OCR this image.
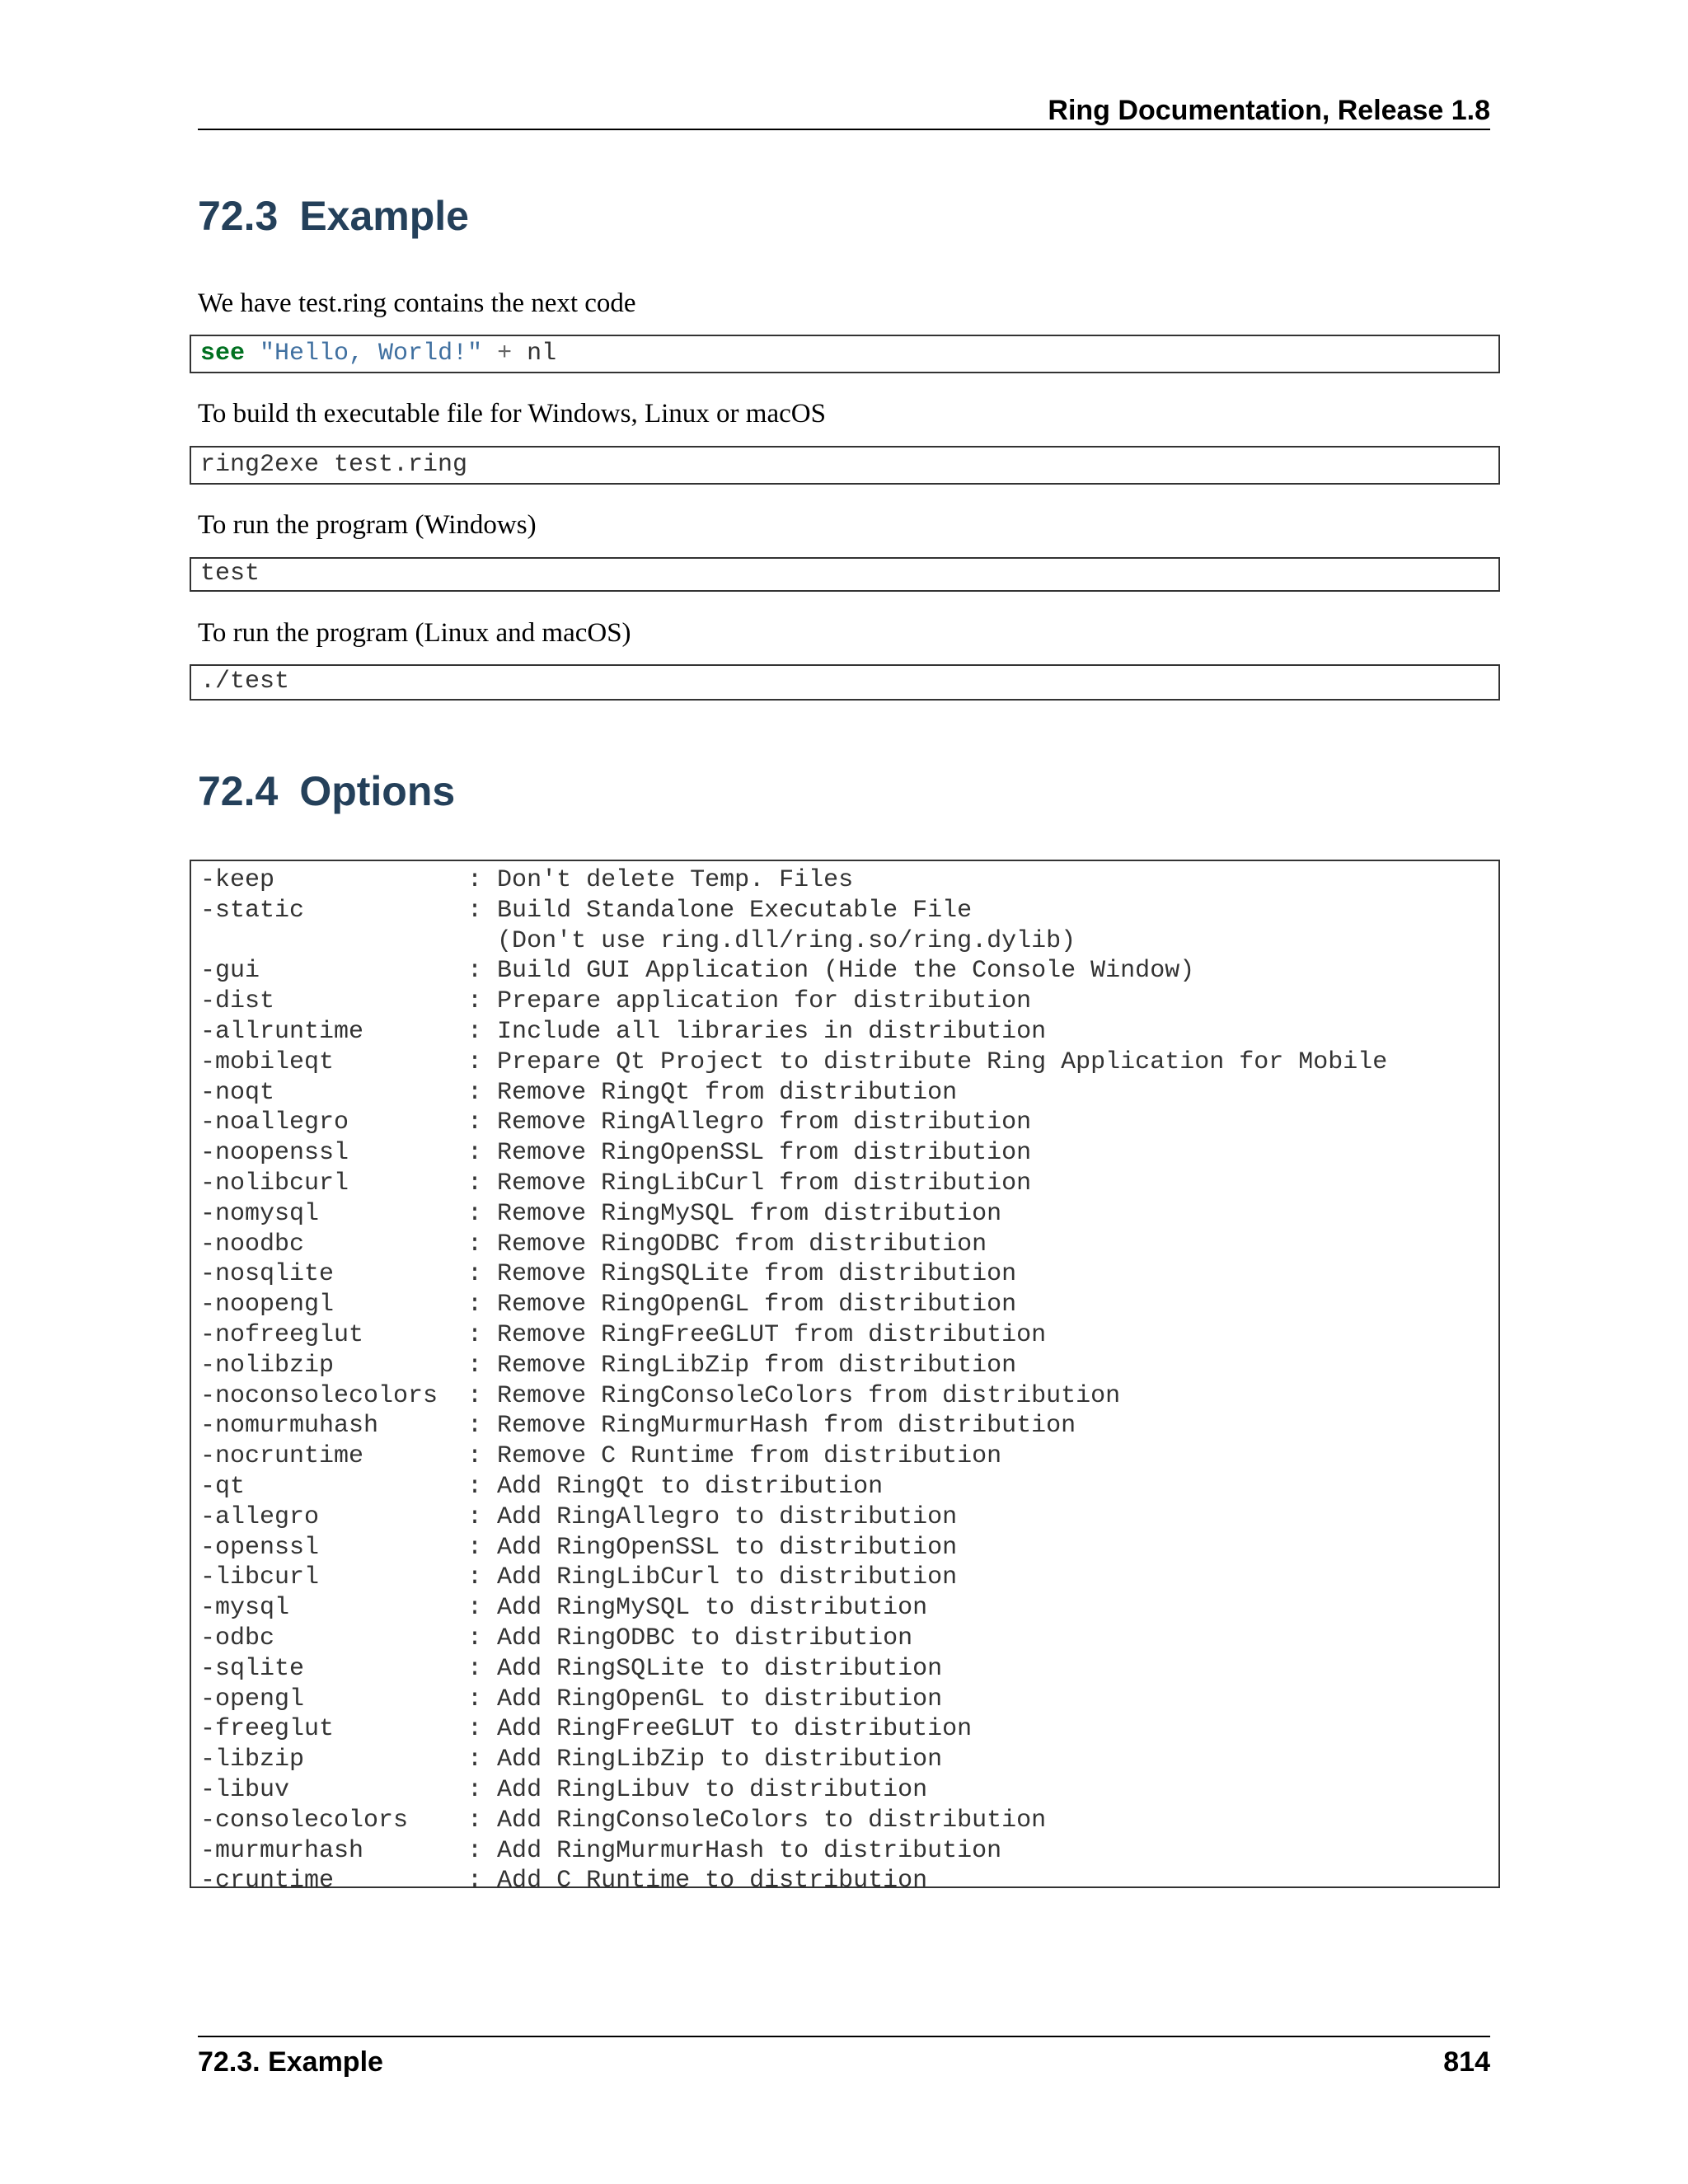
Ring Documentation, Release 1.8
72.3 Example

We have test.ring contains the next code

see "Hello, World!" + nl

To build th executable file for Windows, Linux or macOS

ring2exe test.ring

To run the program (Windows)

test

To run the program (Linux and macOS)

./test
72.4 Options
-keep             : Don't delete Temp. Files
-static           : Build Standalone Executable File
(Don't use ring.dll/ring.so/ring.dylib)
-gui              : Build GUI Application (Hide the Console Window)
-dist             : Prepare application for distribution
-allruntime       : Include all libraries in distribution
-mobileqt         : Prepare Qt Project to distribute Ring Application for Mobile
-noqt             : Remove RingQt from distribution
-noallegro        : Remove RingAllegro from distribution
-noopenssl        : Remove RingOpenSSL from distribution
-nolibcurl        : Remove RingLibCurl from distribution
-nomysql          : Remove RingMySQL from distribution
-noodbc           : Remove RingODBC from distribution
-nosqlite         : Remove RingSQLite from distribution
-noopengl         : Remove RingOpenGL from distribution
-nofreeglut       : Remove RingFreeGLUT from distribution
-nolibzip         : Remove RingLibZip from distribution
-noconsolecolors  : Remove RingConsoleColors from distribution
-nomurmuhash      : Remove RingMurmurHash from distribution
-nocruntime       : Remove C Runtime from distribution
-qt               : Add RingQt to distribution
-allegro          : Add RingAllegro to distribution
-openssl          : Add RingOpenSSL to distribution
-libcurl          : Add RingLibCurl to distribution
-mysql            : Add RingMySQL to distribution
-odbc             : Add RingODBC to distribution
-sqlite           : Add RingSQLite to distribution
-opengl           : Add RingOpenGL to distribution
-freeglut         : Add RingFreeGLUT to distribution
-libzip           : Add RingLibZip to distribution
-libuv            : Add RingLibuv to distribution
-consolecolors    : Add RingConsoleColors to distribution
-murmurhash       : Add RingMurmurHash to distribution
-cruntime         : Add C Runtime to distribution
72.3. Example	814
